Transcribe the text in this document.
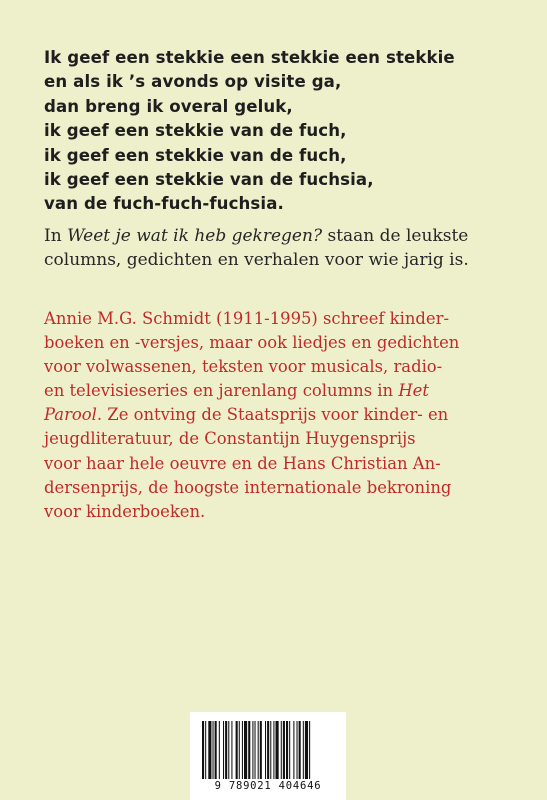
Ik geef een stekkie een stekkie een stekkie
en als ik ’s avonds op visite ga,
dan breng ik overal geluk,
ik geef een stekkie van de fuch,
ik geef een stekkie van de fuch,
ik geef een stekkie van de fuchsia,
van de fuch-fuch-fuchsia.
In Weet je wat ik heb gekregen? staan de leukste
columns, gedichten en verhalen voor wie jarig is.
Annie M.G. Schmidt (1911-1995) schreef kinder-
boeken en -versjes, maar ook liedjes en gedichten
voor volwassenen, teksten voor musicals, radio-
en televisieseries en jarenlang columns in Het
Parool. Ze ontving de Staatsprijs voor kinder- en
jeugdliteratuur, de Constantijn Huygensprijs
voor haar hele oeuvre en de Hans Christian An-
dersenprijs, de hoogste internationale bekroning
voor kinderboeken.
9 789021 404646
